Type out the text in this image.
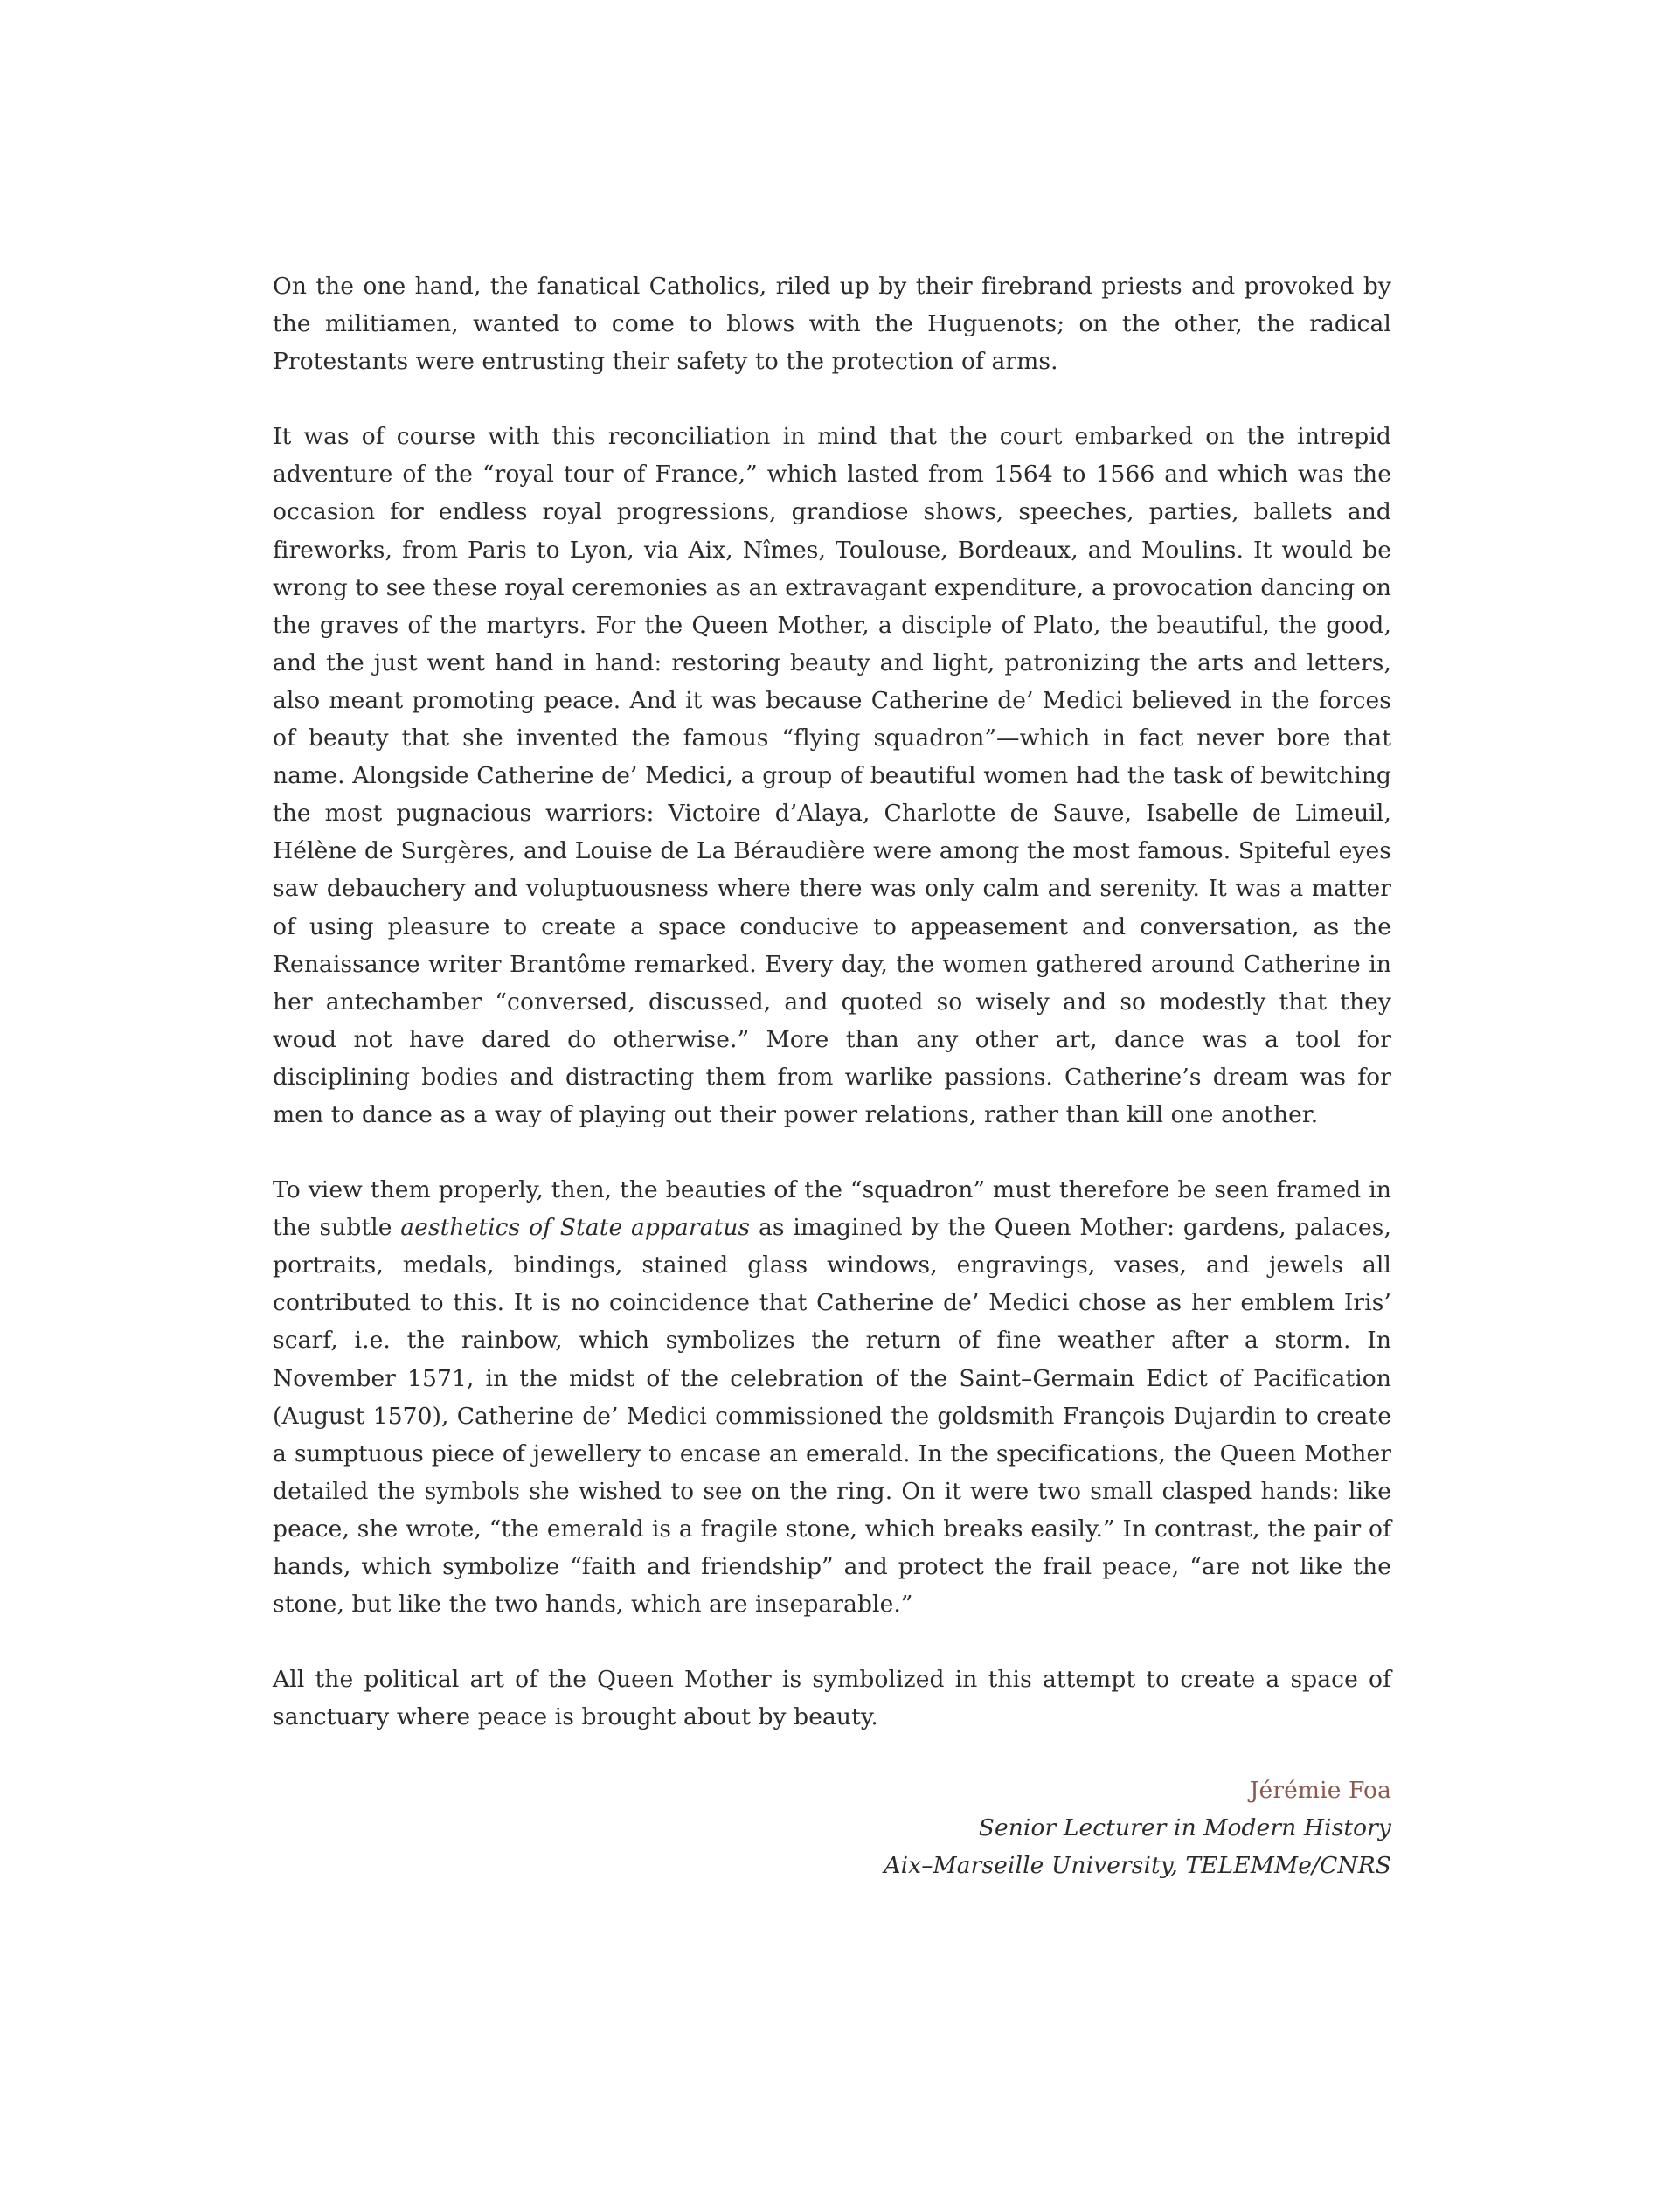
On the one hand, the fanatical Catholics, riled up by their firebrand priests and provoked by the militiamen, wanted to come to blows with the Huguenots; on the other, the radical Protestants were entrusting their safety to the protection of arms.

It was of course with this reconciliation in mind that the court embarked on the intrepid adventure of the “royal tour of France,” which lasted from 1564 to 1566 and which was the occasion for endless royal progressions, grandiose shows, speeches, parties, ballets and fireworks, from Paris to Lyon, via Aix, Nîmes, Toulouse, Bordeaux, and Moulins. It would be wrong to see these royal ceremonies as an extravagant expenditure, a provocation dancing on the graves of the martyrs. For the Queen Mother, a disciple of Plato, the beautiful, the good, and the just went hand in hand: restoring beauty and light, patronizing the arts and letters, also meant promoting peace. And it was because Catherine de’ Medici believed in the forces of beauty that she invented the famous “flying squadron”—which in fact never bore that name. Alongside Catherine de’ Medici, a group of beautiful women had the task of bewitching the most pugnacious warriors: Victoire d’Alaya, Charlotte de Sauve, Isabelle de Limeuil, Hélène de Surgères, and Louise de La Béraudière were among the most famous. Spiteful eyes saw debauchery and voluptuousness where there was only calm and serenity. It was a matter of using pleasure to create a space conducive to appeasement and conversation, as the Renaissance writer Brantôme remarked. Every day, the women gathered around Catherine in her antechamber “conversed, discussed, and quoted so wisely and so modestly that they woud not have dared do otherwise.” More than any other art, dance was a tool for disciplining bodies and distracting them from warlike passions. Catherine’s dream was for men to dance as a way of playing out their power relations, rather than kill one another.

To view them properly, then, the beauties of the “squadron” must therefore be seen framed in the subtle aesthetics of State apparatus as imagined by the Queen Mother: gardens, palaces, portraits, medals, bindings, stained glass windows, engravings, vases, and jewels all contributed to this. It is no coincidence that Catherine de’ Medici chose as her emblem Iris’ scarf, i.e. the rainbow, which symbolizes the return of fine weather after a storm. In November 1571, in the midst of the celebration of the Saint–Germain Edict of Pacification (August 1570), Catherine de’ Medici commissioned the goldsmith François Dujardin to create a sumptuous piece of jewellery to encase an emerald. In the specifications, the Queen Mother detailed the symbols she wished to see on the ring. On it were two small clasped hands: like peace, she wrote, “the emerald is a fragile stone, which breaks easily.” In contrast, the pair of hands, which symbolize “faith and friendship” and protect the frail peace, “are not like the stone, but like the two hands, which are inseparable.”

All the political art of the Queen Mother is symbolized in this attempt to create a space of sanctuary where peace is brought about by beauty.

Jérémie Foa
Senior Lecturer in Modern History
Aix–Marseille University, TELEMMe/CNRS
